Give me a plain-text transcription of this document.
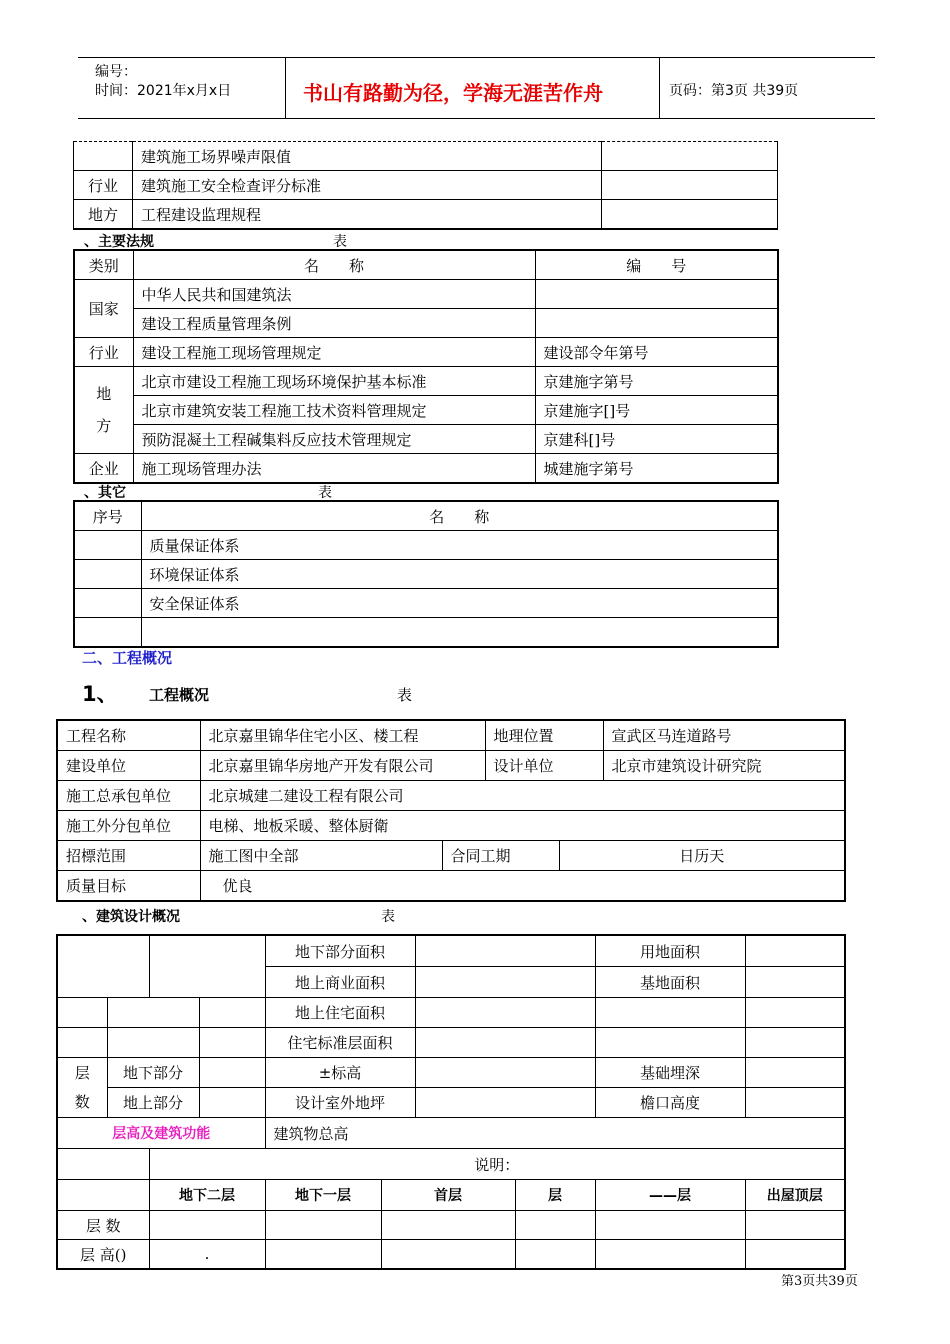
编号：
时间：2021年x月x日	书山有路勤为径，学海无涯苦作舟	页码：第3页 共39页
	建筑施工场界噪声限值	
行业	建筑施工安全检查评分标准	
地方	工程建设监理规程	
、主要法规	表
类别	名　　称	编　　号
国家	中华人民共和国建筑法	
	建设工程质量管理条例	
行业	建设工程施工现场管理规定	建设部令年第号
地
方	北京市建设工程施工现场环境保护基本标准	京建施字第号
	北京市建筑安装工程施工技术资料管理规定	京建施字[]号
	预防混凝土工程碱集料反应技术管理规定	京建科[]号
企业	施工现场管理办法	城建施字第号
、其它	表
序号	名　　称
	质量保证体系
	环境保证体系
	安全保证体系

二、工程概况
1、 工程概况	表
工程名称	北京嘉里锦华住宅小区、楼工程		地理位置		宣武区马连道路号
建设单位	北京嘉里锦华房地产开发有限公司		设计单位		北京市建筑设计研究院
施工总承包单位	北京城建二建设工程有限公司				
施工外分包单位	电梯、地板采暖、整体厨衛				
招標范围	施工图中全部	合同工期		日历天	
质量目标	优良				
、建筑设计概况	表
				地下部分面积				用地面积	
				地上商业面积				基地面积	
				地上住宅面积					
				住宅标准层面积					
层
数	地下部分			±标高				基础埋深	
	地上部分			设计室外地坪				檐口高度	
层高及建筑功能				建筑物总高					
		说明：							
		地下二层		地下一层	首层		层	——层	出屋顶层
层 数									
层 高()		.							
第3页共39页
